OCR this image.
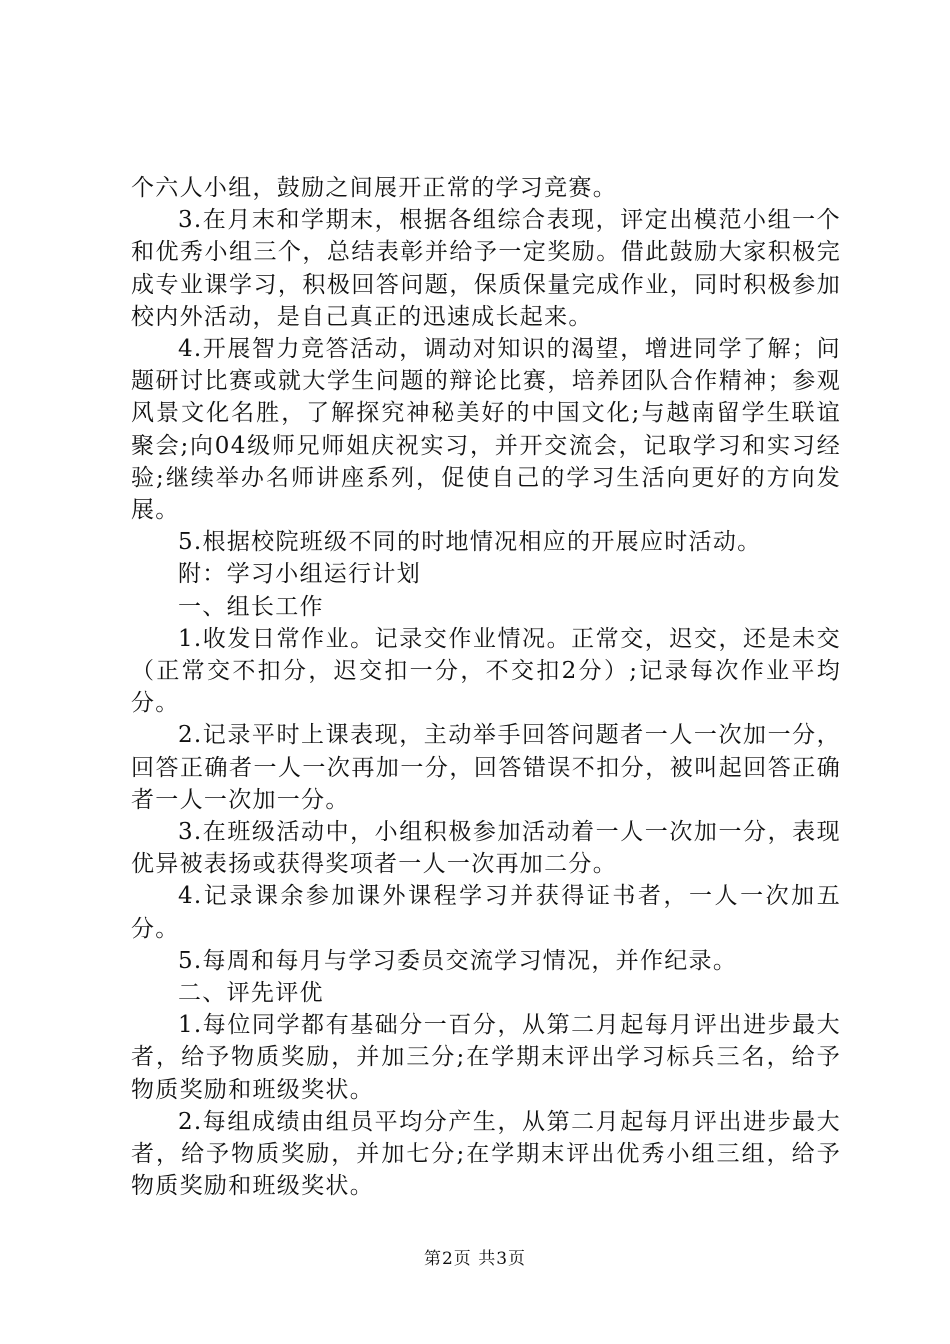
个六人小组，鼓励之间展开正常的学习竞赛。

3.在月末和学期末，根据各组综合表现，评定出模范小组一个和优秀小组三个，总结表彰并给予一定奖励。借此鼓励大家积极完成专业课学习，积极回答问题，保质保量完成作业，同时积极参加校内外活动，是自己真正的迅速成长起来。

4.开展智力竞答活动，调动对知识的渴望，增进同学了解；问题研讨比赛或就大学生问题的辩论比赛，培养团队合作精神；参观风景文化名胜，了解探究神秘美好的中国文化;与越南留学生联谊聚会;向04级师兄师姐庆祝实习，并开交流会，记取学习和实习经验;继续举办名师讲座系列，促使自己的学习生活向更好的方向发展。

5.根据校院班级不同的时地情况相应的开展应时活动。

附：学习小组运行计划

一、组长工作

1.收发日常作业。记录交作业情况。正常交，迟交，还是未交（正常交不扣分，迟交扣一分，不交扣2分）;记录每次作业平均分。

2.记录平时上课表现，主动举手回答问题者一人一次加一分，回答正确者一人一次再加一分，回答错误不扣分，被叫起回答正确者一人一次加一分。

3.在班级活动中，小组积极参加活动着一人一次加一分，表现优异被表扬或获得奖项者一人一次再加二分。

4.记录课余参加课外课程学习并获得证书者，一人一次加五分。

5.每周和每月与学习委员交流学习情况，并作纪录。

二、评先评优

1.每位同学都有基础分一百分，从第二月起每月评出进步最大者，给予物质奖励，并加三分;在学期末评出学习标兵三名，给予物质奖励和班级奖状。

2.每组成绩由组员平均分产生，从第二月起每月评出进步最大者，给予物质奖励，并加七分;在学期末评出优秀小组三组，给予物质奖励和班级奖状。

第2页 共3页
